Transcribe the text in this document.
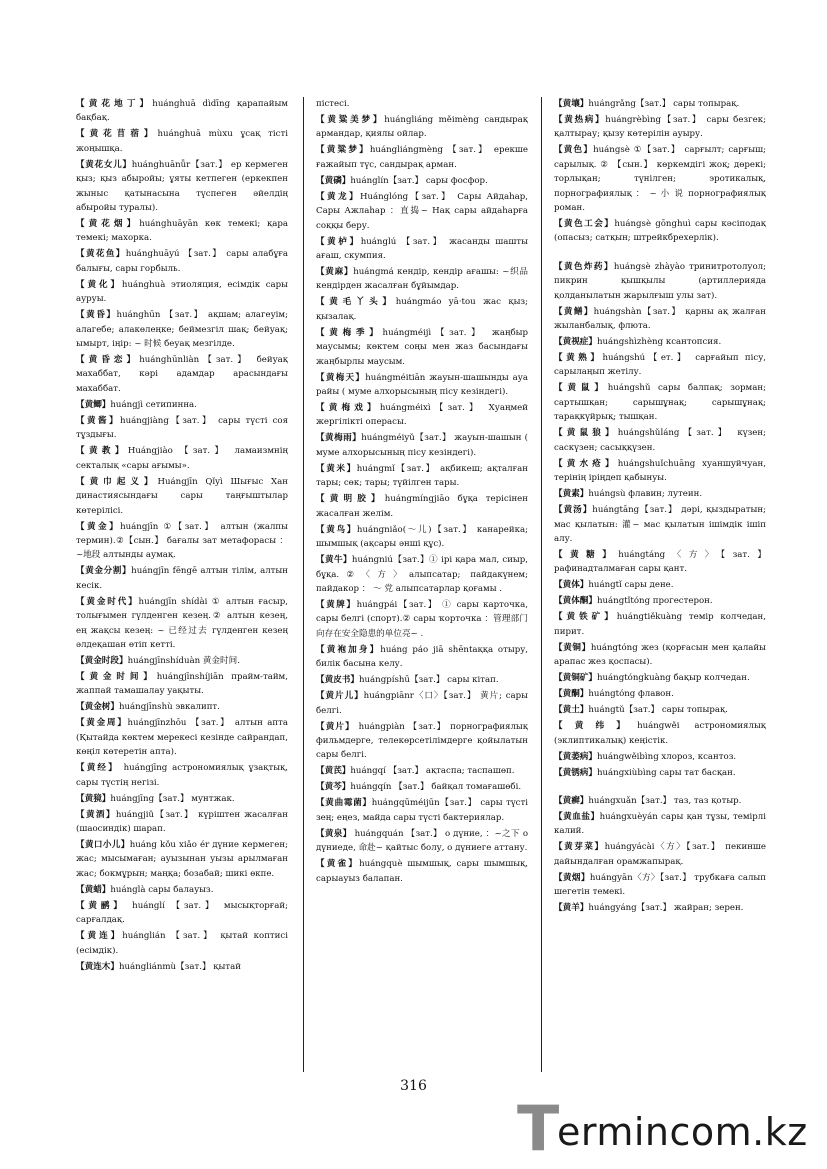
【黄花地丁】huánghuā dìdīng қарапайым бақбақ.
【黄花苜蓿】huánghuā mùxu ұсақ тісті жоңышқа.
【黄花女儿】huánghuānǚr【зат.】 ер кермеген қыз; қыз абыройы; ұяты кетпеген (еркекпен жыныс қатынасына түспеген әйелдің абыройы туралы).
【黄花烟】huánghuāyān көк темекі; қара темекі; махорка.
【黄花鱼】huánghuāyú 【зат.】 сары алабұға балығы, сары горбыль.
【黄化】huánghuà этиоляция, есімдік сары ауруы.
【黄昏】huánghūn 【зат.】 ақшам; алагеуім; алагебе; алакөлеңке; беймезгіл шақ; бейуақ; ымырт, іңір: ~ 时候 беуақ мезгілде.
【黄昏恋】huánghūnliàn【зат.】 бейуақ махаббат, кәрі адамдар арасындағы махаббат.
【黄鲫】huángjì сетипинна.
【黄酱】huángjiàng【зат.】 сары түсті соя тұздығы.
【黄教】Huángjiào 【зат.】 ламаизмнің секталық «сары ағымы».
【黄巾起义】Huángjīn Qǐyì Шығыс Хан династиясындағы сары таңғыштылар көтерілісі.
【黄金】huángjīn ①【зат.】 алтын (жалпы термин).②【сын.】 бағалы зат метафорасы ：~地段 алтынды аумақ.
【黄金分割】huángjīn fēngē алтын тілім, алтын кесік.
【黄金时代】huángjīn shídài ① алтын ғасыр, толығымен гүлденген кезең.② алтын кезең, ең жақсы кезең: ~ 已经过去 гүлденген кезең әлдеқашан өтіп кетті.
【黄金时段】huángjīnshíduàn 黄金时间.
【黄金时间】huángjīnshíjiān прайм-тайм, жаппай тамашалау уақыты.
【黄金树】huángjīnshù эвкалипт.
【黄金周】huángjīnzhōu 【зат.】 алтын апта (Қытайда көктем мерекесі кезінде сайрандап, көңіл көтеретін апта).
【黄经】 huángjīng астрономиялық ұзақтық, сары түстің негізі.
【黄獍】huángjīng【зат.】 мунтжак.
【黄酒】huángjiǔ【зат.】 күріштен жасалған (шаосиндік) шарап.
【黄口小儿】huáng kǒu xiǎo ér дүние кермеген; жас; мысымаған; ауызынан уызы арылмаған жас; бокмұрын; маңқа; бозабай; шикі өкпе.
【黄蜡】huánglà сары балауыз.
【黄鹂】 huánglí 【зат.】 мысықторғай; сарғалдақ.
【黄连】huánglián 【зат.】 қытай коптисі (есімдік).
【黄连木】huángliánmù【зат.】 қытай
пістесі.
【黄粱美梦】huángliáng měimèng сандырақ армандар, қиялы ойлар.
【黄粱梦】huángliángmèng 【зат.】 ерекше ғажайып түс, сандырақ арман.
【黄磷】huánglín【зат.】 сары фосфор.
【黄龙】Huánglóng【зат.】 Сары Айдаһар, Сары Ажлаһар ：直捣~ Нақ сары айдаһарға соққы беру.
【黄栌】huánglú 【зат.】 жасанды шашты ағаш, скумпия.
【黄麻】huángmá кендір, кендір ағашы: ~织品 кендірден жасалған бұйымдар.
【黄毛丫头】huángmáo yā·tou жас қыз; қызалақ.
【黄梅季】huángméijì【зат.】 жаңбыр маусымы; көктем соңы мен жаз басындағы жаңбырлы маусым.
【黄梅天】huángméitiān жауын-шашынды ауа райы ( муме алхорысының пісу кезіндегі).
【黄梅戏】huángméixì【зат.】 Хуаңмей жергілікті операсы.
【黄梅雨】huángméiyǔ【зат.】 жауын-шашын ( муме алхорысының пісу кезіндегі).
【黄米】huángmǐ【зат.】 ақбикеш; ақталған тары; сөк; тары; түйілген тары.
【黄明胶】huángmíngjiāo бұқа терісінен жасалған желім.
【黄鸟】huángniǎo(～儿)【зат.】 канарейка; шымшық (ақсары әнші құс).
【黄牛】huángniú【зат.】① ірі қара мал, сиыр, бұқа.②〈方〉алыпсатар; пайдакүнем; пайдакор ： ～ 党 алыпсатарлар қоғамы .
【黄牌】huángpái【зат.】 ① сары карточка, сары белгі (спорт).② сары ҡортoчка ：管理部门向存在安全隐患的单位亮~ .
【黄袍加身】huáng páo jiā shēntaққа отыру, билік басына келу.
【黄皮书】huángpíshū【зат.】 сары кітап.
【黄片儿】huángpiānr〈口〉【зат.】 黄片; сары белгі.
【黄片】 huángpiàn 【зат.】 порнографиялық фильмдерге, телекөрсетілімдерге қойылатын сары белгі.
【黄芪】huángqí 【зат.】 ақтаспа; таспашөп.
【黄芩】huángqín 【зат.】 байқал томағашөбі.
【黄曲霉菌】huángqūméijūn【зат.】 сары түсті зең; еңез, майда сары түсті бактериялар.
【黄泉】 huángquán 【зат.】 о дүние, ：~之下 о дүниеде, 命赴~ қайтыс болу, о дүниеге аттану.
【黄雀】huángquè шымшық, сары шымшық, сарыауыз балапан.
【黄壤】huángrǎng【зат.】 сары топырақ.
【黄热病】huángrèbìng【зат.】 сары безгек; қалтырау; қызу көтерілін ауыру.
【黄色】huángsè ①【зат.】 сарғылт; сарғыш; сарылық. ② 【сын.】 көркемдігі жоқ; дөрекі; торлықан; түнілген; эротикалық, порнографиялық ： ~ 小 说 порнографиялық роман.
【黄色工会】huángsè gōnghuì сары кәсіподақ (опасыз; сатқын; штрейкбрехерлік).
【黄色炸药】huángsè zhàyào тринитротолуол; пикрин қышқылы (артиллерияда қолданылатын жарылғыш улы зат).
【黄鳝】huángshàn【зат.】 қарны ақ жалған жыланбалық, флюта.
【黄视症】huángshìzhèng ксантопсия.
【黄熟】huángshú【ет.】 сарғайып пісу, сарылаңып жетілу.
【黄鼠】huángshǔ сары балпақ; зорман; сартышқан; сарышұнақ; сарышұнақ; тарақкүйрық; тышқан.
【黄鼠狼】huángshǔláng【зат.】 күзен; саскүзен; сасыққүзен.
【黄水疮】huángshuǐchuāng хуаншуйчуан, терінің іріңдеп қабынуы.
【黄素】huángsù флавин; лутеин.
【黄汤】huángtāng【зат.】 дәрі, қыздыратын; мас қылатын: 灌~ мас қылатын ішімдік ішіп алу.
【黄糖】huángtáng〈方〉【зат.】 рафинадталмаған сары қант.
【黄体】huángtǐ сары дене.
【黄体酮】huángtǐtóng прогестерон.
【黄铁矿】huángtiěkuàng темір колчедан, пирит.
【黄铜】huángtóng жез (қорғасын мен қалайы арапас жез қоспасы).
【黄铜矿】huángtóngkuàng бақыр колчедан.
【黄酮】huángtóng флавон.
【黄土】huángtǔ【зат.】 сары топырақ.
【黄纬】huángwěi астрономиялық (эклиптикалық) кеңістік.
【黄萎病】huángwěibìng хлороз, ксантоз.
【黄锈病】huángxiùbìng сары тат басқан.
【黄癣】huángxuǎn【зат.】 таз, таз қотыр.
【黄血盐】huángxuèyán сары қан тұзы, темірлі калий.
【黄芽菜】huángyácài〈方〉【зат.】 пекинше дайындалған орамжапырақ.
【黄烟】huángyān〈方〉【зат.】 трубкаға салып шегетін темекі.
【黄羊】huángyáng【зат.】 жайран; зерен.
316
T
ermincom.kz
